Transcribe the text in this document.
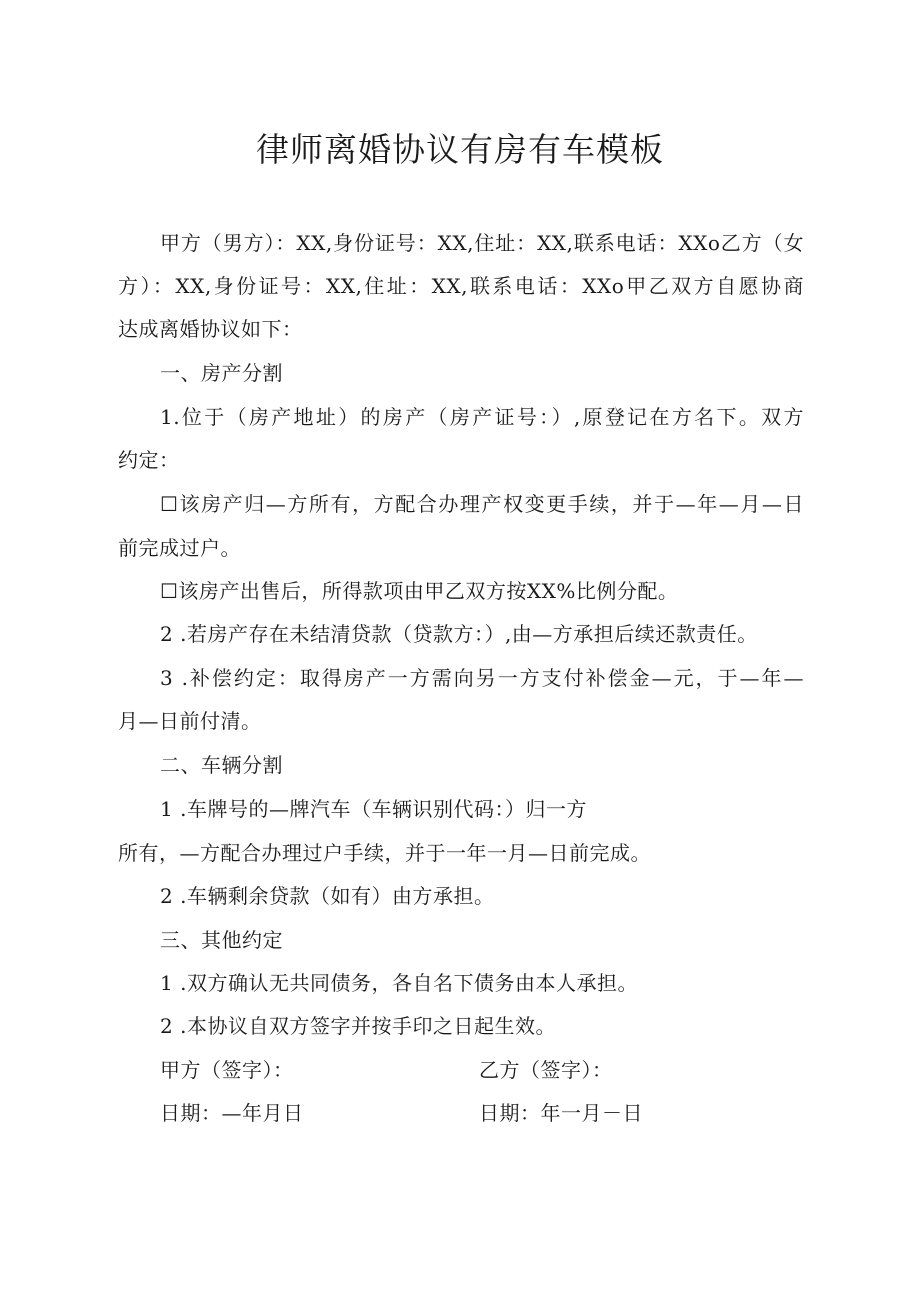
律师离婚协议有房有车模板
甲方（男方）：XX,身份证号：XX,住址：XX,联系电话：XXo乙方（女
方）：XX,身份证号：XX,住址：XX,联系电话：XXo甲乙双方自愿协商
达成离婚协议如下：
一、房产分割
1.位于（房产地址）的房产（房产证号：）,原登记在方名下。双方
约定：
☐该房产归—方所有，方配合办理产权变更手续，并于—年—月—日
前完成过户。
☐该房产出售后，所得款项由甲乙双方按XX%比例分配。
2 .若房产存在未结清贷款（贷款方：）,由—方承担后续还款责任。
3 .补偿约定：取得房产一方需向另一方支付补偿金—元，于—年—
月—日前付清。
二、车辆分割
1 .车牌号的—牌汽车（车辆识别代码：）归一方
所有，—方配合办理过户手续，并于一年一月—日前完成。
2 .车辆剩余贷款（如有）由方承担。
三、其他约定
1 .双方确认无共同债务，各自名下债务由本人承担。
2 .本协议自双方签字并按手印之日起生效。
甲方（签字）：	乙方（签字）：
日期：—年月日	日期：年一月－日
